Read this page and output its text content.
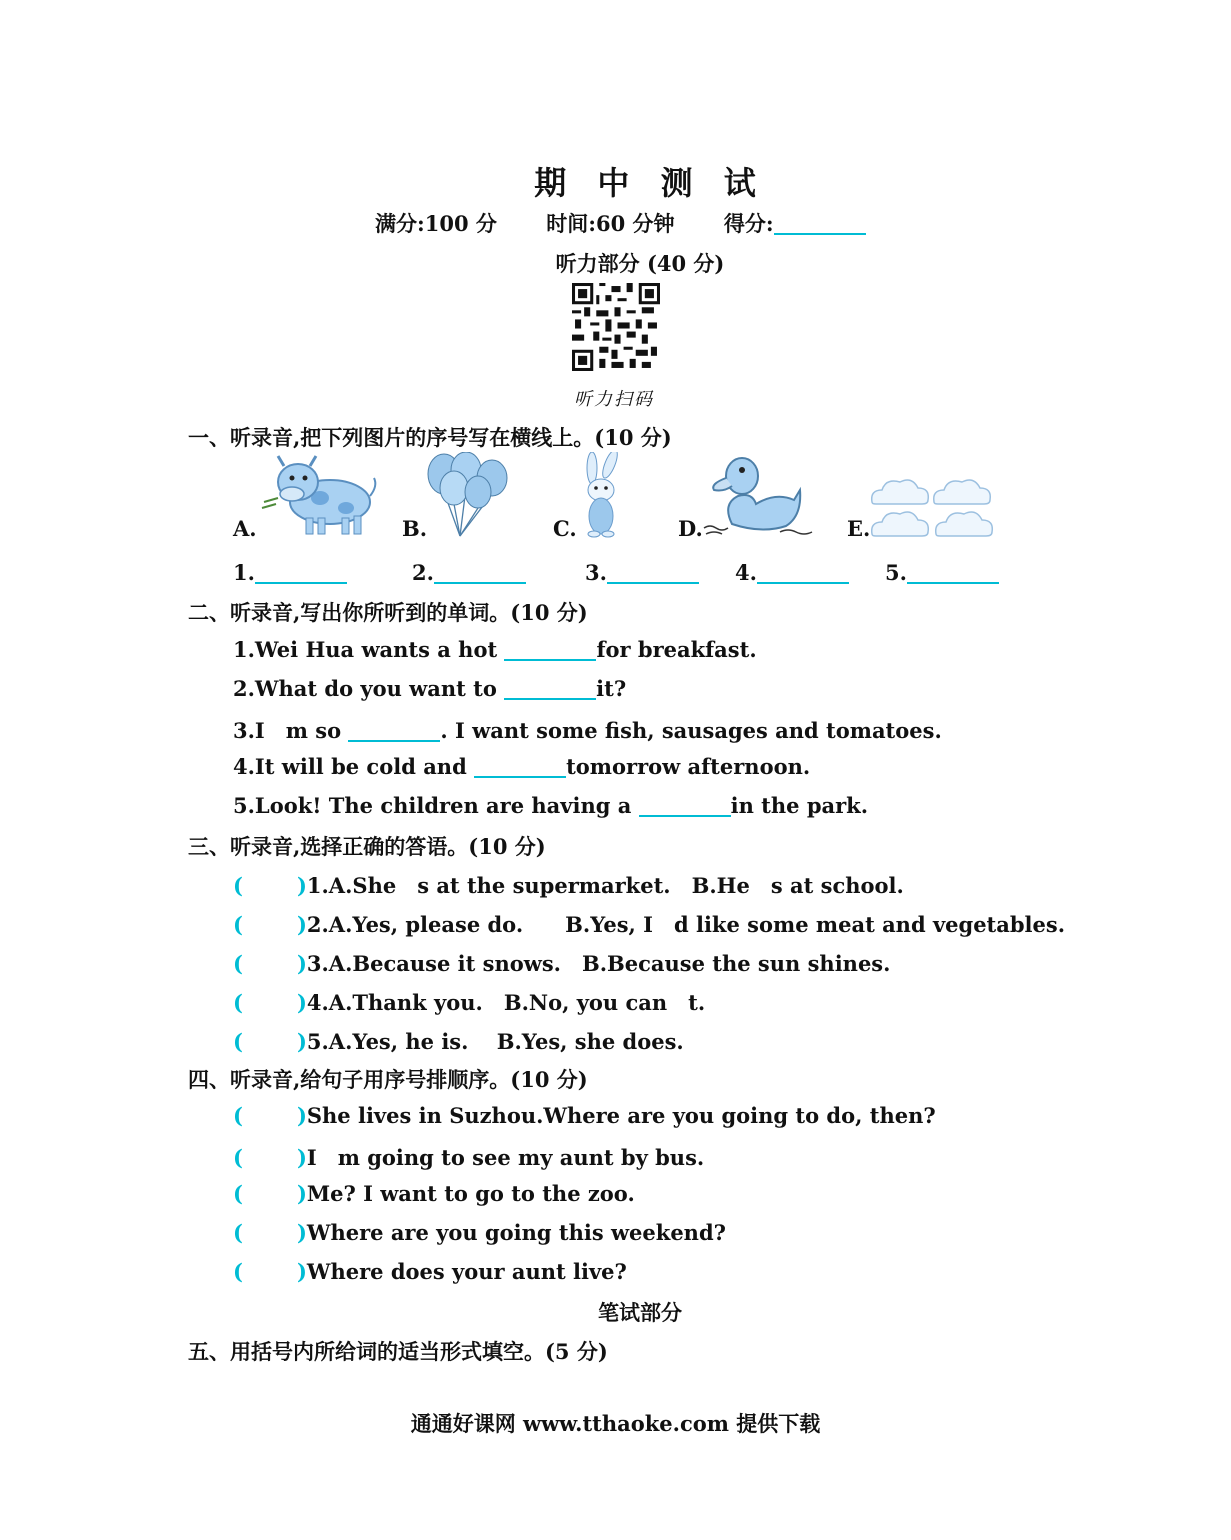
期 中 测 试
满分:100 分 时间:60 分钟 得分:
听力部分 (40 分)
听力扫码
一、听录音,把下列图片的序号写在横线上。(10 分)
A.	B.	C.	D.	E.
1.	2.	3.	4.	5.
二、听录音,写出你所听到的单词。(10 分)
1.Wei Hua wants a hot	for breakfast.
2.What do you want to	it?
3.I　m so	. I want some fish, sausages and tomatoes.
4.It will be cold and	tomorrow afternoon.
5.Look! The children are having a	in the park.
三、听录音,选择正确的答语。(10 分)
(	)1.A.She　s at the supermarket.　B.He　s at school.
(	)2.A.Yes, please do.　　B.Yes, I　d like some meat and vegetables.
(	)3.A.Because it snows.　B.Because the sun shines.
(	)4.A.Thank you.　B.No, you can　t.
(	)5.A.Yes, he is.　 B.Yes, she does.
四、听录音,给句子用序号排顺序。(10 分)
(	)She lives in Suzhou.Where are you going to do, then?
(	)I　m going to see my aunt by bus.
(	)Me? I want to go to the zoo.
(	)Where are you going this weekend?
(	)Where does your aunt live?
笔试部分
五、用括号内所给词的适当形式填空。(5 分)
通通好课网 www.tthaoke.com 提供下载
